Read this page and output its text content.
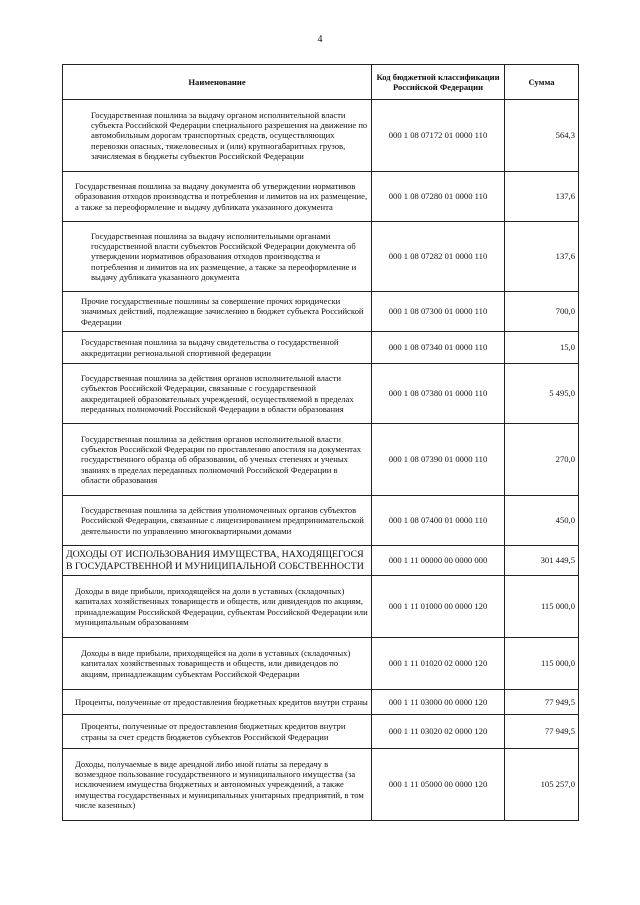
4
Наименование	Код бюджетной классификации Российской Федерации	Сумма
Государственная пошлина за выдачу органом исполнительной власти субъекта Российской Федерации специального разрешения на движение по автомобильным дорогам транспортных средств, осуществляющих перевозки опасных, тяжеловесных и (или) крупногабаритных грузов, зачисляемая в бюджеты субъектов Российской Федерации	000 1 08 07172 01 0000 110	564,3
Государственная пошлина за выдачу документа об утверждении нормативов образования отходов производства и потребления и лимитов на их размещение, а также за переоформление и выдачу дубликата указанного документа	000 1 08 07280 01 0000 110	137,6
Государственная пошлина за выдачу исполнительными органами государственной власти субъектов Российской Федерации документа об утверждении нормативов образования отходов производства и потребления и лимитов на их размещение, а также за переоформление и выдачу дубликата указанного документа	000 1 08 07282 01 0000 110	137,6
Прочие государственные пошлины за совершение прочих юридически значимых действий, подлежащие зачислению в бюджет субъекта Российской Федерации	000 1 08 07300 01 0000 110	700,0
Государственная пошлина за выдачу свидетельства о государственной аккредитации региональной спортивной федерации	000 1 08 07340 01 0000 110	15,0
Государственная пошлина за действия органов исполнительной власти субъектов Российской Федерации, связанные с государственной аккредитацией образовательных учреждений, осуществляемой в пределах переданных полномочий Российской Федерации в области образования	000 1 08 07380 01 0000 110	5 495,0
Государственная пошлина за действия органов исполнительной власти субъектов Российской Федерации по проставлению апостиля на документах государственного образца об образовании, об ученых степенях и ученых званиях в пределах переданных полномочий Российской Федерации в области образования	000 1 08 07390 01 0000 110	270,0
Государственная пошлина за действия уполномоченных органов субъектов Российской Федерации, связанные с лицензированием предпринимательской деятельности по управлению многоквартирными домами	000 1 08 07400 01 0000 110	450,0
ДОХОДЫ ОТ ИСПОЛЬЗОВАНИЯ ИМУЩЕСТВА, НАХОДЯЩЕГОСЯ В ГОСУДАРСТВЕННОЙ И МУНИЦИПАЛЬНОЙ СОБСТВЕННОСТИ	000 1 11 00000 00 0000 000	301 449,5
Доходы в виде прибыли, приходящейся на доли в уставных (складочных) капиталах хозяйственных товариществ и обществ, или дивидендов по акциям, принадлежащим Российской Федерации, субъектам Российской Федерации или муниципальным образованиям	000 1 11 01000 00 0000 120	115 000,0
Доходы в виде прибыли, приходящейся на доли в уставных (складочных) капиталах хозяйственных товариществ и обществ, или дивидендов по акциям, принадлежащим субъектам Российской Федерации	000 1 11 01020 02 0000 120	115 000,0
Проценты, полученные от предоставления бюджетных кредитов внутри страны	000 1 11 03000 00 0000 120	77 949,5
Проценты, полученные от предоставления бюджетных кредитов внутри страны за счет средств бюджетов субъектов Российской Федерации	000 1 11 03020 02 0000 120	77 949,5
Доходы, получаемые в виде арендной либо иной платы за передачу в возмездное пользование государственного и муниципального имущества (за исключением имущества бюджетных и автономных учреждений, а также имущества государственных и муниципальных унитарных предприятий, в том числе казенных)	000 1 11 05000 00 0000 120	105 257,0
